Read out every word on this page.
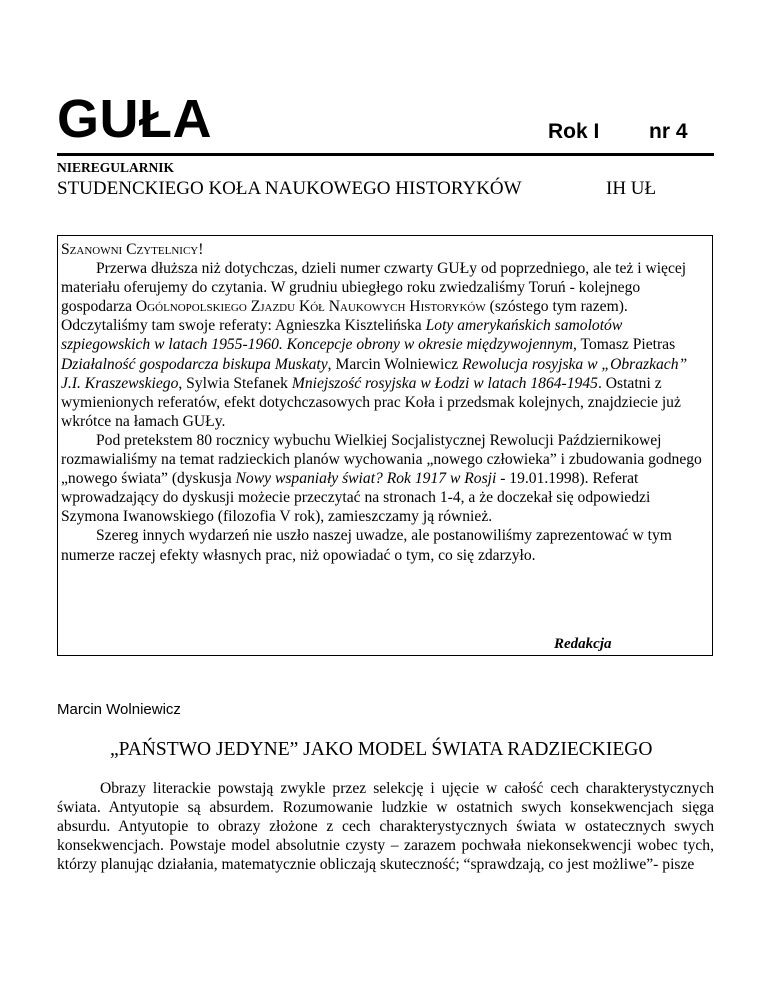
GUŁA	Rok I nr 4
NIEREGULARNIK
STUDENCKIEGO KOŁA NAUKOWEGO HISTORYKÓW	IH UŁ

Szanowni Czytelnicy!

Przerwa dłuższa niż dotychczas, dzieli numer czwarty GUŁy od poprzedniego, ale też i więcej materiału oferujemy do czytania. W grudniu ubiegłego roku zwiedzaliśmy Toruń - kolejnego gospodarza Ogólnopolskiego Zjazdu Kół Naukowych Historyków (szóstego tym razem). Odczytaliśmy tam swoje referaty: Agnieszka Kisztelińska Loty amerykańskich samolotów szpiegowskich w latach 1955-1960. Koncepcje obrony w okresie międzywojennym, Tomasz Pietras Działalność gospodarcza biskupa Muskaty, Marcin Wolniewicz Rewolucja rosyjska w „Obrazkach” J.I. Kraszewskiego, Sylwia Stefanek Mniejszość rosyjska w Łodzi w latach 1864-1945. Ostatni z wymienionych referatów, efekt dotychczasowych prac Koła i przedsmak kolejnych, znajdziecie już wkrótce na łamach GUŁy.

Pod pretekstem 80 rocznicy wybuchu Wielkiej Socjalistycznej Rewolucji Październikowej rozmawialiśmy na temat radzieckich planów wychowania „nowego człowieka” i zbudowania godnego „nowego świata” (dyskusja Nowy wspaniały świat? Rok 1917 w Rosji - 19.01.1998). Referat wprowadzający do dyskusji możecie przeczytać na stronach 1-4, a że doczekał się odpowiedzi Szymona Iwanowskiego (filozofia V rok), zamieszczamy ją również.

Szereg innych wydarzeń nie uszło naszej uwadze, ale postanowiliśmy zaprezentować w tym numerze raczej efekty własnych prac, niż opowiadać o tym, co się zdarzyło.

Redakcja
Marcin Wolniewicz
„PAŃSTWO JEDYNE” JAKO MODEL ŚWIATA RADZIECKIEGO

Obrazy literackie powstają zwykle przez selekcję i ujęcie w całość cech charakterystycznych świata. Antyutopie są absurdem. Rozumowanie ludzkie w ostatnich swych konsekwencjach sięga absurdu. Antyutopie to obrazy złożone z cech charakterystycznych świata w ostatecznych swych konsekwencjach. Powstaje model absolutnie czysty – zarazem pochwała niekonsekwencji wobec tych, którzy planując działania, matematycznie obliczają skuteczność; “sprawdzają, co jest możliwe”- pisze
